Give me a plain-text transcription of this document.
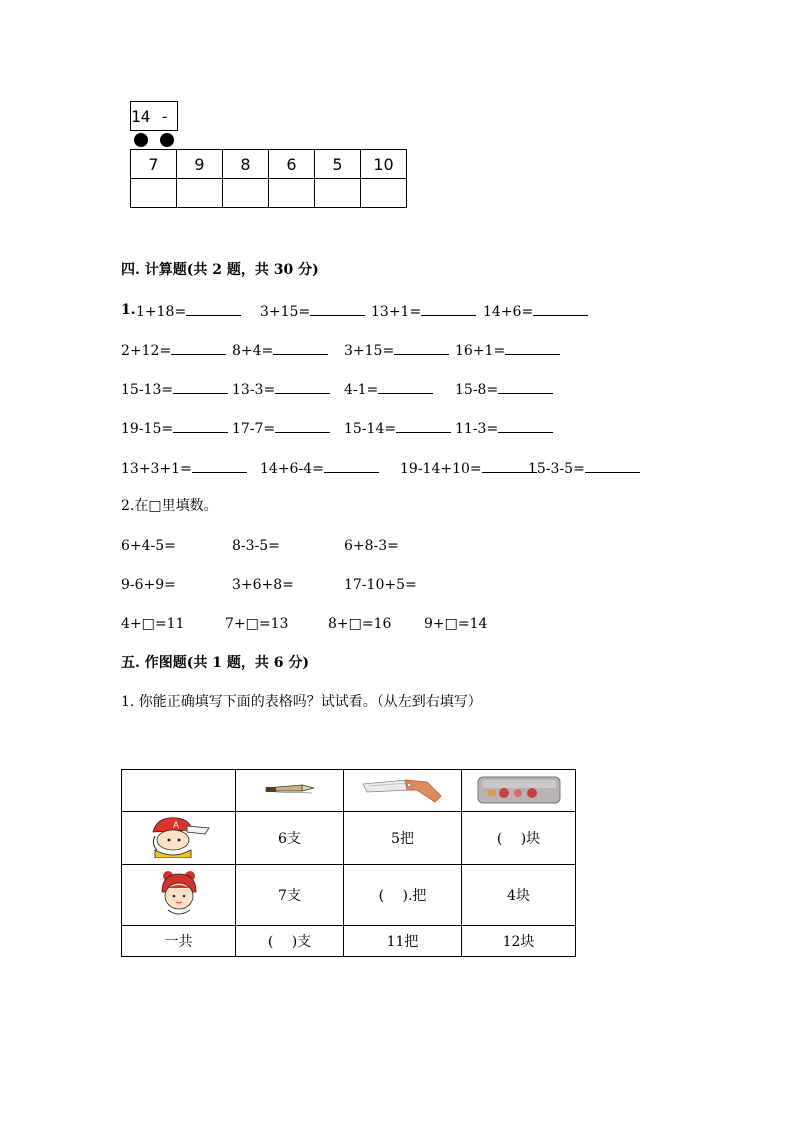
14 -
7	9	8	6	5	10

四. 计算题(共 2 题，共 30 分)
1. 1+18=	3+15=	13+1=	14+6=
2+12=	8+4=	3+15=	16+1=
15-13=	13-3=	4-1=	15-8=
19-15=	17-7=	15-14=	11-3=
13+3+1=	14+6-4=	19-14+10=	15-3-5=
2.在□里填数。
6+4-5=	8-3-5=	6+8-3=
9-6+9=	3+6+8=	17-10+5=
4+□=11	7+□=13	8+□=16 9+□=14
五. 作图题(共 1 题，共 6 分)
1. 你能正确填写下面的表格吗？试试看。（从左到右填写）

A	6支	5把	(　 )块
	7支	(　 ).把	4块
一共	(　 )支	11把	12块
